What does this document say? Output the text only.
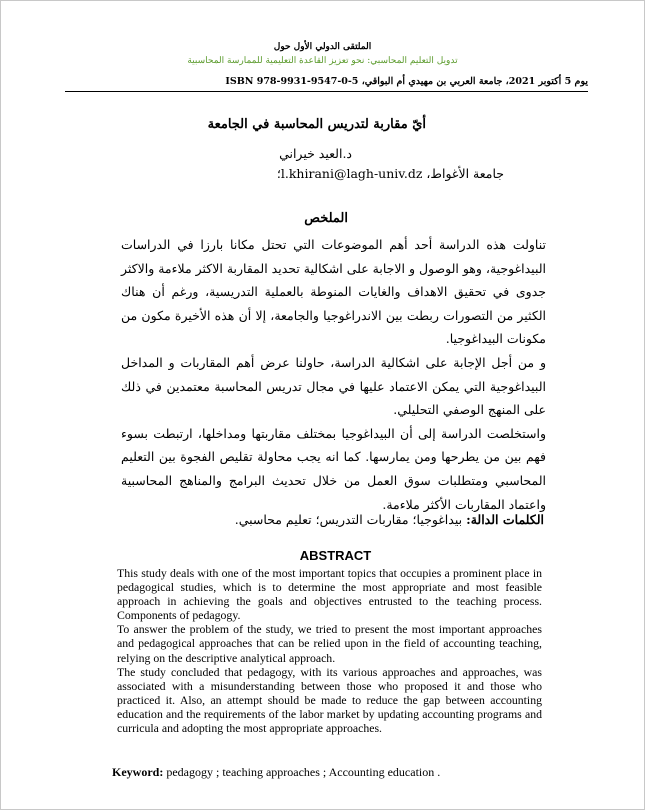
الملتقى الدولي الأول حول
تدويل التعليم المحاسبي: نحو تعزيز القاعدة التعليمية للممارسة المحاسبية
يوم 5 أكتوبر 2021، جامعة العربي بن مهيدي أم البواقي، ISBN 978-9931-9547-0-5
أيّ مقاربة لتدريس المحاسبة في الجامعة
د.العيد خيراني
جامعة الأغواط، l.khirani@lagh-univ.dz؛
الملخص

تناولت هذه الدراسة أحد أهم الموضوعات التي تحتل مكانا بارزا في الدراسات البيداغوجية، وهو الوصول و الاجابة على اشكالية تحديد المقاربة الاكثر ملاءمة والاكثر جدوى في تحقيق الاهداف والغايات المنوطة بالعملية التدريسية، ورغم أن هناك الكثير من التصورات ربطت بين الاندراغوجيا والجامعة، إلا أن هذه الأخيرة مكون من مكونات البيداغوجيا.

و من أجل الإجابة على اشكالية الدراسة، حاولنا عرض أهم المقاربات و المداخل البيداغوجية التي يمكن الاعتماد عليها في مجال تدريس المحاسبة معتمدين في ذلك على المنهج الوصفي التحليلي.

واستخلصت الدراسة إلى أن البيداغوجيا بمختلف مقاربتها ومداخلها، ارتبطت بسوء فهم بين من يطرحها ومن يمارسها. كما انه يجب محاولة تقليص الفجوة بين التعليم المحاسبي ومتطلبات سوق العمل من خلال تحديث البرامج والمناهج المحاسبية واعتماد المقاربات الأكثر ملاءمة.

الكلمات الدالة: بيداغوجيا؛ مقاربات التدريس؛ تعليم محاسبي.
ABSTRACT

This study deals with one of the most important topics that occupies a prominent place in pedagogical studies, which is to determine the most appropriate and most feasible approach in achieving the goals and objectives entrusted to the teaching process. Components of pedagogy.

To answer the problem of the study, we tried to present the most important approaches and pedagogical approaches that can be relied upon in the field of accounting teaching, relying on the descriptive analytical approach.

The study concluded that pedagogy, with its various approaches and approaches, was associated with a misunderstanding between those who proposed it and those who practiced it. Also, an attempt should be made to reduce the gap between accounting education and the requirements of the labor market by updating accounting programs and curricula and adopting the most appropriate approaches.

Keyword: pedagogy ; teaching approaches ; Accounting education .
